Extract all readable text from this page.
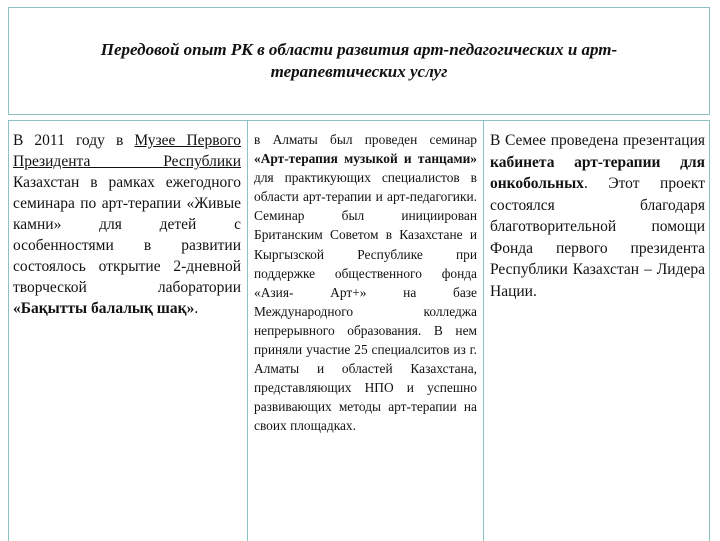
Передовой опыт РК в области развития арт-педагогических и арт-терапевтических услуг
В 2011 году в Музее Первого Президента Республики Казахстан в рамках ежегодного семинара по арт-терапии «Живые камни» для детей с особенностями в развитии состоялось открытие 2-дневной творческой лаборатории «Бақытты балалық шақ».
в Алматы был проведен семинар «Арт-терапия музыкой и танцами» для практикующих специалистов в области арт-терапии и арт-педагогики. Семинар был инициирован Британским Советом в Казахстане и Кыргызской Республике при поддержке общественного фонда «Азия- Арт+» на базе Международного колледжа непрерывного образования. В нем приняли участие 25 специалситов из г. Алматы и областей Казахстана, представляющих НПО и успешно развивающих методы арт-терапии на своих площадках.
В Семее проведена презентация кабинета арт-терапии для онкобольных. Этот проект состоялся благодаря благотворительной помощи Фонда первого президента Республики Казахстан – Лидера Нации.
